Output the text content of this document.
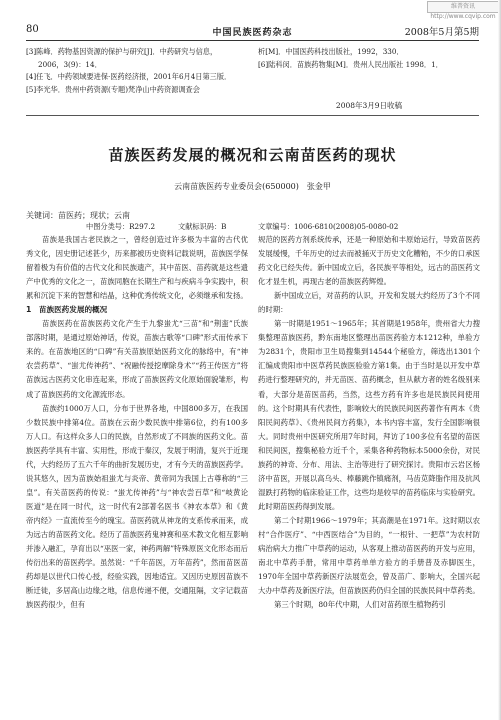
维普资讯 http://www.cqvip.com
80	中国民族医药杂志	2008年5月第5期
[3]陈峰．药物基因资源的保护与研究[J]．中药研究与信息，2006，3(9)：14．
[4]任飞．中药领域要进保·医药经济报，2001年6月4日第三版．
[5]李光华．贵州中药资源(专题)梵净山中药资源调查会
析[M]．中国医药科技出版社，1992，330．
[6]陆科闵．苗族药物集[M]．贵州人民出版社 1998．1．
2008年3月9日收稿
苗族医药发展的概况和云南苗医药的现状
云南苗族医药专业委员会(650000)　张金甲
关键词：苗医药；现状；云南
中图分类号：R297.2	文献标识码：B	文章编号：1006-6810(2008)05-0080-02

苗族是我国古老民族之一，曾经创造过许多极为丰富的古代优秀文化，因史册记述甚少，历来都被历史资料记载说明，苗族医学保留着极为有价值的古代文化和民族遗产，其中苗医、苗药就是这些遗产中优秀的文化之一，苗族同胞在长期生产和与疾病斗争实践中，积累和沉淀下来的智慧和结晶，这种优秀传统文化，必须继承和发扬。

1　苗族医药发展的概况

苗族医药在苗族医药文化产生于九黎蚩尤“三苗”和“荆蛮”氏族部落时期，是通过原始神话，传说，苗族古歌等“口碑”形式而传承下来的。在苗族地区的“口碑”有关苗族原始医药文化的脉络中，有“神农尝药草”、“蚩尤传神药”、“祝融传授挖摩除身术”“药王传医方”将苗族远古医药文化串连起来，形成了苗族医药文化原始面貌雏形，构成了苗族医药的文化源流形态。

苗族约1000万人口，分布于世界各地，中国800多万，在我国少数民族中排第4位。苗族在云南少数民族中排第6位，约有100多万人口。有这样众多人口的民族，自然形成了不同族的医药文化。苗族医药学具有丰富、实用性，形成于秦汉，发展于明清，复兴于近现代，大约经历了五六千年的曲折发展历史，才有今天的苗族医药学。说其悠久，因为苗族始祖蚩尤与炎帝、黄帝同为我国上古尊称的“三皇”。有关苗医药的传说：“蚩尤传神药”与“神农尝百草”和“岐黄论医道”是在同一时代，这一时代有2部著名医书《神农本草》和《黄帝内经》一直流传至今的瑰宝。苗医药就从神龙的支系传承而来，成为远古的苗医药文化。经历了苗族医药鬼神赛和巫术教文化相互影响并渗入融汇，孕育出以“巫医一家，神药两解”特殊原医文化形态而后传衍出来的苗医药学。虽然说：“千年苗医，万年苗药”，然而苗医苗药却是以世代口传心授，经验实践，因地适宜。又因历史原因苗族不断迁徙，多居高山边缘之地，信息传递不便，交通阻隔，文字记载苗族医药很少，但有

规范的医药方剂系统传承，还是一种原始和丰原始运行，导致苗医药发展缓慢，千年历史的过去而被捅灭于历史文化糟粕，不少的口承医药文化已经失传。新中国成立后，各民族平等相处，远古的苗医药文化才显生机，再现古老的苗族医药辉煌。

新中国成立后，对苗药的认识，开发和发展大约经历了3个不同的时期：

第一时期是1951～1965年；其首期是1958年，贵州省大力搜集整理苗族医药，黔东南地区整理出苗医药验方本1212种，单验方为2831个，贵阳市卫生局搜集到14544个秘验方，筛选出1301个汇编成贵阳市中医草药民族医验验方第1集。由于当时是以开发中草药进行整理研究的，并无苗医、苗药概念，但从献方者的姓名级别来看，大部分是苗医苗药，当然，这些方药有许多也是民族民间使用的。这个时期具有代表性，影响较大的民族民间医药著作有两本《贵阳民间药草》、《贵州民间方药集》，本书内容丰富，发行全国影响很大。同时贵州中医研究所用7年时间，拜访了100多位有名望的苗医和民间医，搜集秘验方近千个，采集各种药物标本5000余份，对民族药的神奇、分布、用法、主治等进行了研究探讨。贵阳市云岩区杨济中苗医，开展以高乌头、棒藤跳作镇痛剂，马齿苋降脂作用及抗风湿跌打药物的临床验证工作，这些均是较早的苗药临床与实验研究。此时期苗医药得到发展。

第二个时期1966～1979年；其高潮是在1971年。这时期以农村“合作医疗”、“中西医结合”为目的，“一根针、一把草”为农村防病治病大力推广中草药的运动，从客观上推动苗医药的开发与应用，南北中草药手册，常用中草药单单方验方的手册普及赤脚医生，1970年全国中草药新医疗法展览会，曾及苗广、影响大，全国兴起大办中草药及新医疗法，但苗族医药仍归全国的民族民间中草药类。

第三个时期，80年代中期，人们对苗药原生植物药引
